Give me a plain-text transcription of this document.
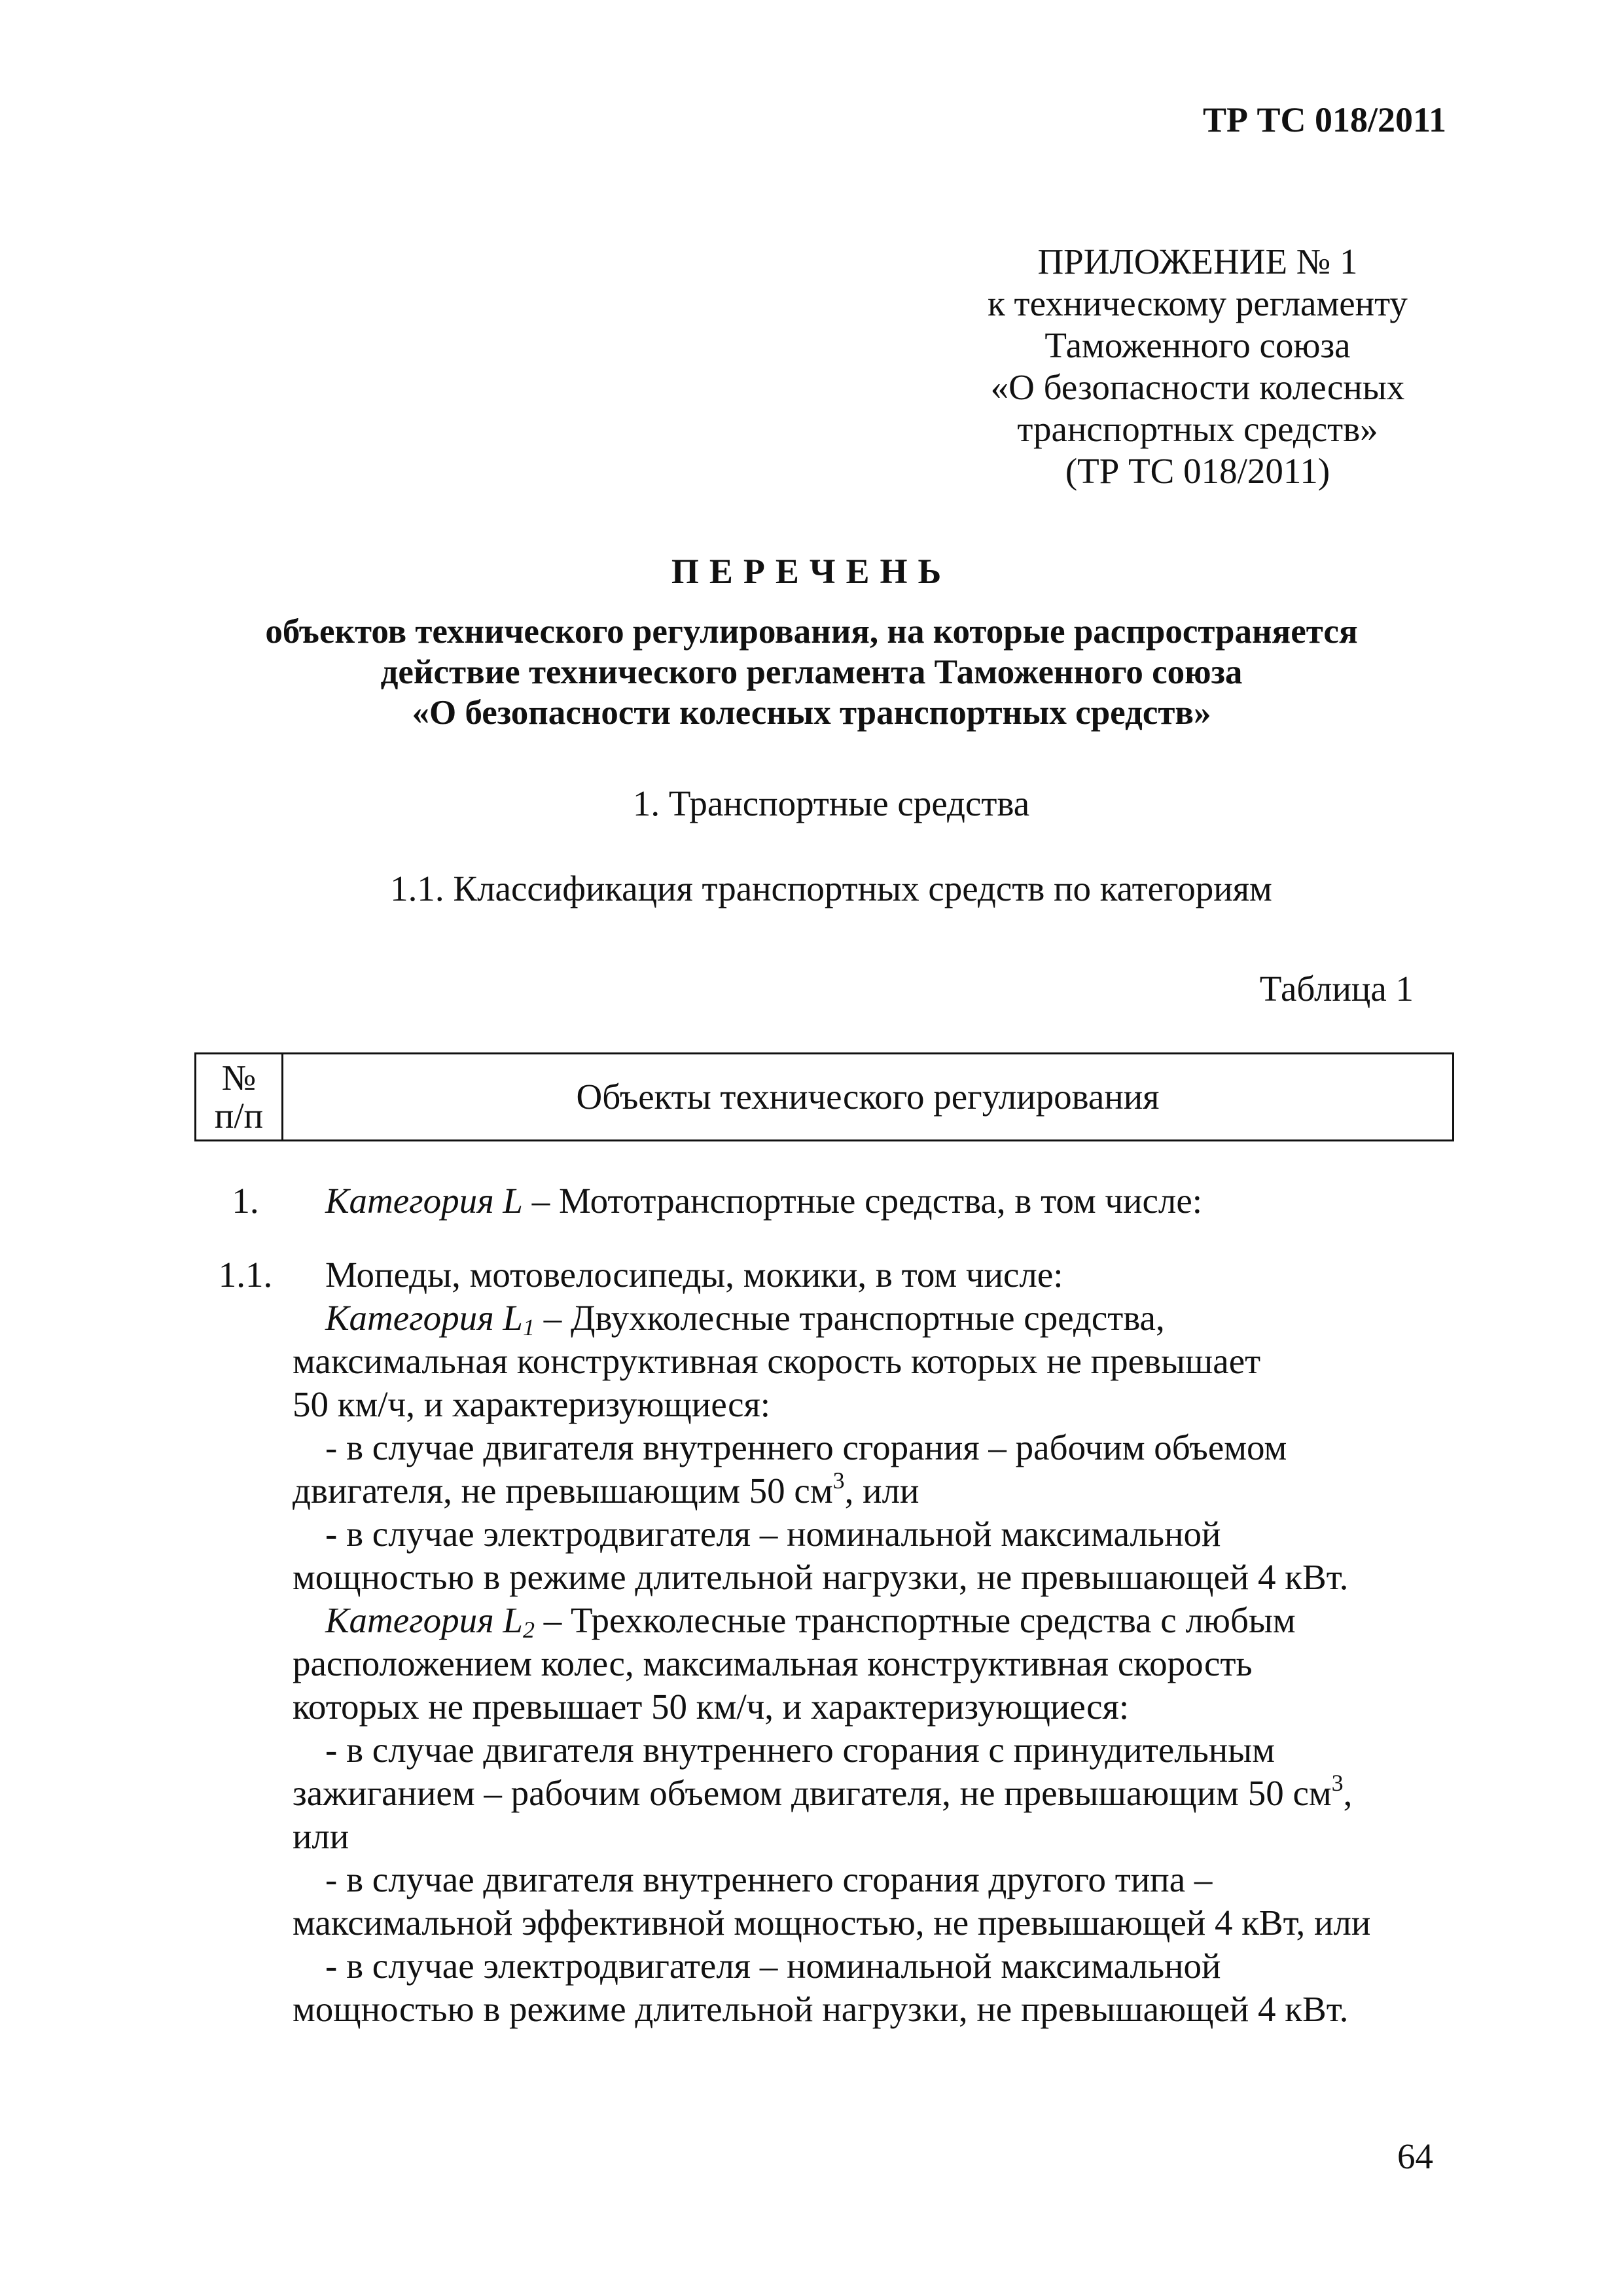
ТР ТС 018/2011
ПРИЛОЖЕНИЕ № 1
к техническому регламенту
Таможенного союза
«О безопасности колесных
транспортных средств»
(ТР ТС 018/2011)
ПЕРЕЧЕНЬ
объектов технического регулирования, на которые распространяется
действие технического регламента Таможенного союза
«О безопасности колесных транспортных средств»
1. Транспортные средства
1.1. Классификация транспортных средств по категориям
Таблица 1
№
п/п	Объекты технического регулирования
1.	Категория L – Мототранспортные средства, в том числе:
1.1.	Мопеды, мотовелосипеды, мокики, в том числе:
Категория $L_1$ – Двухколесные транспортные средства,
максимальная конструктивная скорость которых не превышает
50 км/ч, и характеризующиеся:
- в случае двигателя внутреннего сгорания – рабочим объемом
двигателя, не превышающим 50 $см^3$, или
- в случае электродвигателя – номинальной максимальной
мощностью в режиме длительной нагрузки, не превышающей 4 кВт.
Категория $L_2$ – Трехколесные транспортные средства с любым
расположением колес, максимальная конструктивная скорость
которых не превышает 50 км/ч, и характеризующиеся:
- в случае двигателя внутреннего сгорания с принудительным
зажиганием – рабочим объемом двигателя, не превышающим 50 $см^3$,
или
- в случае двигателя внутреннего сгорания другого типа –
максимальной эффективной мощностью, не превышающей 4 кВт, или
- в случае электродвигателя – номинальной максимальной
мощностью в режиме длительной нагрузки, не превышающей 4 кВт.
64
